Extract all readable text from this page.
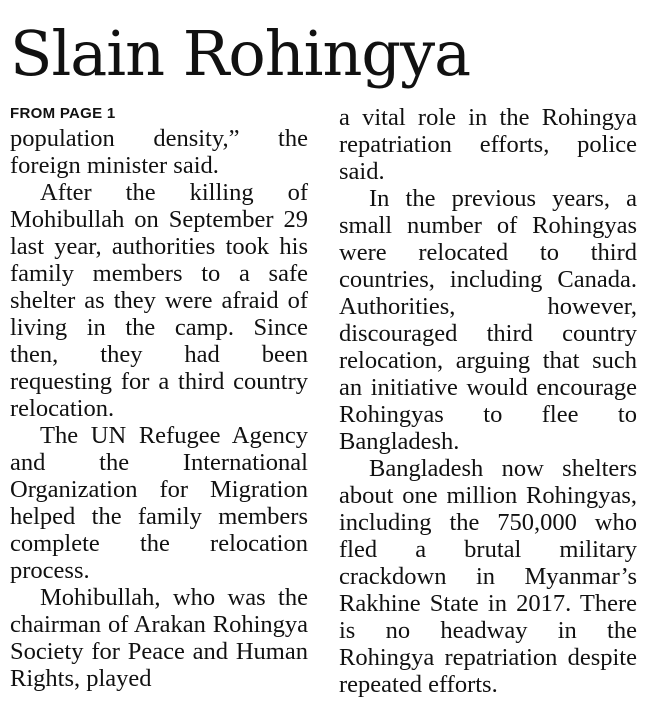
Slain Rohingya
FROM PAGE 1

population density,” the foreign minister said.

After the killing of Mohibullah on September 29 last year, authorities took his family members to a safe shelter as they were afraid of living in the camp. Since then, they had been requesting for a third country relocation.

The UN Refugee Agency and the International Organization for Migration helped the family members complete the relocation process.

Mohibullah, who was the chairman of Arakan Rohingya Society for Peace and Human Rights, played

a vital role in the Rohingya repatriation efforts, police said.

In the previous years, a small number of Rohingyas were relocated to third countries, including Canada. Authorities, however, discouraged third country relocation, arguing that such an initiative would encourage Rohingyas to flee to Bangladesh.

Bangladesh now shelters about one million Rohingyas, including the 750,000 who fled a brutal military crackdown in Myanmar’s Rakhine State in 2017. There is no headway in the Rohingya repatriation despite repeated efforts.
